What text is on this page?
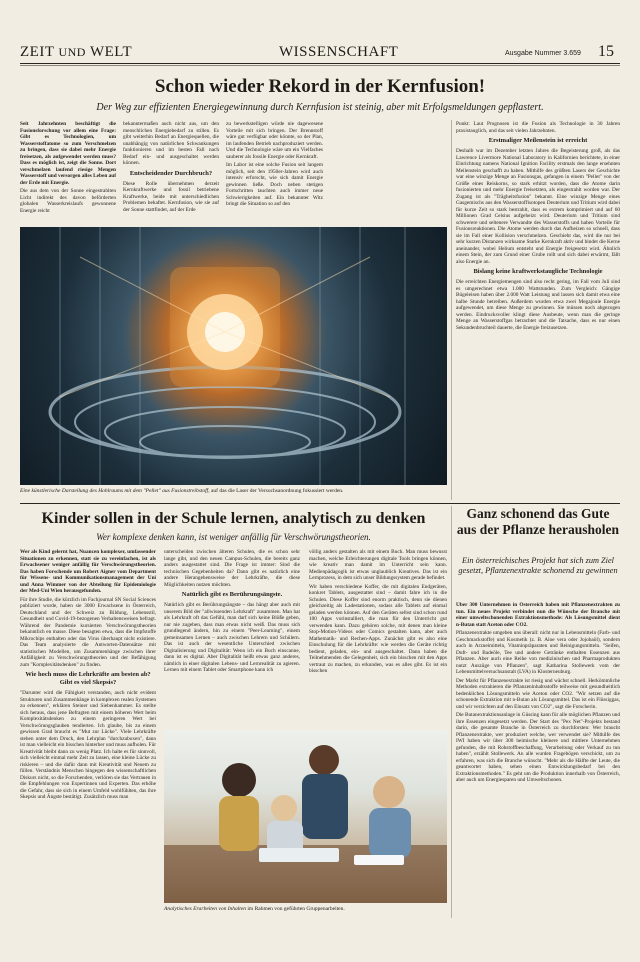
ZEIT UND WELT	WISSENSCHAFT	Ausgabe Nummer 3.659 15
Schon wieder Rekord in der Kernfusion!
Der Weg zur effizienten Energiegewinnung durch Kernfusion ist steinig, aber mit Erfolgsmeldungen gepflastert.

Seit Jahrzehnten beschäftigt die Fusionsforschung vor allem eine Frage: Gibt es Technologien, um Wasserstoffatome so zum Verschmelzen zu bringen, dass sie dabei mehr Energie freisetzen, als aufgewendet werden muss? Dass es möglich ist, zeigt die Sonne. Dort verschmelzen laufend riesige Mengen Wasserstoff und versorgen alles Leben auf der Erde mit Energie.

Die aus dem von der Sonne eingestrahlten Licht indirekt des davon beförderten globalen Wasserkreislaufs gewonnene Energie reicht

bekanntermaßen auch nicht aus, um den menschlichen Energiebedarf zu stillen. Es gibt weiterhin Bedarf an Energiequellen, die unabhängig von natürlichen Schwankungen funktionieren und im besten Fall nach Bedarf ein- und ausgeschaltet werden können.

Entscheidender Durchbruch?

Diese Rolle übernehmen derzeit Kernkraftwerke und fossil betriebene Kraftwerke, beide mit unterschiedlichen Problemen behaftet. Kernfusion, wie sie auf der Sonne stattfindet, auf der Erde

zu bewerkstelligen würde nie dagewesene Vorteile mit sich bringen. Der Brennstoff wäre gut verfügbar oder könnte, so der Plan, im laufenden Betrieb nachproduziert werden. Und die Technologie wäre um ein Vielfaches sauberer als fossile Energie oder Kernkraft.

Im Labor ist eine solche Fusion seit langem möglich, seit den 1950er-Jahren wird auch intensiv erforscht, wie sich damit Energie gewinnen ließe. Doch neben stetigen Fortschritten tauchten auch immer neue Schwierigkeiten auf. Ein bekannter Witz bringt die Situation so auf den

Punkt: Laut Prognosen ist die Fusion als Technologie in 30 Jahren praxistauglich, und das seit vielen Jahrzehnten.

Erstmaliger Meilenstein ist erreicht

Deshalb war im Dezember letzten Jahres die Begeisterung groß, als das Lawrence Livermore National Laboratory in Kalifornien berichtete, in einer Einrichtung namens National Ignition Facility erstmals den lange ersehnten Meilenstein geschafft zu haben. Mithilfe des größten Lasers der Geschichte war eine winzige Menge an Fusionsgas, gefangen in einem "Pellet" von der Größe eines Reiskorns, so stark erhitzt worden, dass die Atome darin fusionierten und mehr Energie freisetzten, als eingestrahlt worden war. Der Zugang ist als "Trägheitsfusion" bekannt. Eine winzige Menge eines Gasgemischs aus den Wasserstoffisotopen Deuterium und Tritium wird dabei für kurze Zeit so stark bestrahlt, dass es extrem komprimiert und auf 60 Millionen Grad Celsius aufgeheizt wird. Deuterium und Tritium sind schwerere und seltenere Verwandte des Wasserstoffs und haben Vorteile für Fusionsreaktionen. Die Atome werden durch das Aufheizen so schnell, dass sie im Fall einer Kollision verschmelzen. Geschieht das, wird die nur bei sehr kurzen Distanzen wirksame Starke Kernkraft aktiv und bindet die Kerne aneinander, wobei Helium entsteht und Energie freigesetzt wird. Ähnlich einem Stein, der zum Grund einer Grube rollt und sich dabei erwärmt, fällt also Energie an.

Bislang keine kraftwerkstaugliche Technologie

Die erreichten Energiemengen sind also recht gering, im Fall vom Juli sind es umgerechnet etwa 1.000 Wattstunden. Zum Vergleich: Gängige Bügeleisen haben über 2.000 Watt Leistung und lassen sich damit etwa eine halbe Stunde betreiben. Außerdem wurden etwa zwei Megajoule Energie aufgewendet, um diese Menge zu gewinnen. Sie müssen noch abgezogen werden. Eindrucksvoller klingt diese Ausbeute, wenn man die geringe Menge an Wasserstoffgas betrachtet und die Tatsache, dass es nur einen Sekundenbruchteil dauerte, die Energie freizusetzen.

Eine künstlerische Darstellung des Hohlraums mit dem "Pellet" aus Fusionstreibstoff, auf das die Laser der Versuchsanordnung fokussiert werden.
Kinder sollen in der Schule lernen, analytisch zu denken
Wer komplexe denken kann, ist weniger anfällig für Verschwörungstheorien.

Wer als Kind gelernt hat, Nuancen komplexer, umfassender Situationen zu erkennen, statt sie zu vereinfachen, ist als Erwachsener weniger anfällig für Verschwörungstheorien. Das haben Forschende um Robert Aigner vom Department für Wissens- und Kommunikationsmanagement der Uni und Anna Wimmer von der Abteilung für Epidemiologie der Med-Uni Wien herausgefunden.

Für ihre Studie, die kürzlich im Fachjournal SN Social Sciences publiziert wurde, haben sie 3000 Erwachsene in Österreich, Deutschland und der Schweiz zu Bildung, Lebensstil, Gesundheit und Covid-19-bezogenen Verhaltensweisen befragt. Während der Pandemie kursierten Verschwörungstheorien bekanntlich en masse. Diese besagten etwa, dass die Impfstoffe Mikrochips enthalten oder das Virus überhaupt nicht existiere. Das Team analysierte die Antworten-Datensätze mit statistischen Modellen, um Zusammenhänge zwischen ihrer Anfälligkeit zu Verschwörungstheorien und der Befähigung zum "Komplexitätsdenken" zu finden.

Wie hoch muss die Lehrkräfte am besten ab? Gibt es viel Skepsis?

"Darunter wird die Fähigkeit verstanden, auch nicht evident Strukturen und Zusammenhänge in komplexen realen Systemen zu erkennen", erklären Steiner und Siebenhammer. Es stellte sich heraus, dass jene Befragten mit einem höheren Wert beim Komplexitätsdenken zu einem geringeren Wert bei Verschwörungsglauben tendierten. Ich glaube, bis zu einem gewissen Grad braucht es "Mut zur Lücke". Viele Lehrkräfte stehen unter dem Druck, den Lehrplan "durchzuboxen", dann ist man vielleicht ein bisschen hinterher und muss aufholen. Für Kreativität bleibt dann zu wenig Platz. Ich halte es für sinnvoll, sich vielleicht einmal mehr Zeit zu lassen, eine kleine Lücke zu riskieren – und die dafür dann mit Kreativität und Neuem zu füllen. Verständnis Menschen hingegen den wissenschaftlichen Diskurs nicht, so die Forschenden, verlören sie das Vertrauen in die Empfehlungen von Expertinnen und Experten. Das erhöhe die Gefahr, dass sie sich in einem Umfeld wohlfühlten, das ihre Skepsis und Ängste bestätigt. Zusätzlich muss man

unterscheiden zwischen älteren Schulen, die es schon sehr lange gibt, und den neuen Campus-Schulen, die bereits ganz anders ausgestattet sind. Die Frage ist immer: Sind die technischen Gegebenheiten da? Dann gibt es natürlich eine andere Herangehensweise der Lehrkräfte, die diese Möglichkeiten nutzen möchten.

Natürlich gibt es Berührungsängste.

Natürlich gibt es Berührungsängste – das hängt aber auch mit unserem Bild der "allwissenden Lehrkraft" zusammen. Man hat als Lehrkraft oft das Gefühl, man darf sich keine Blöße geben, nur nie zugeben, dass man etwas nicht weiß. Das muss sich grundlegend ändern, hin zu einem "Peer-Learning", einem gemeinsamen Lernen – auch zwischen Lehrern und Schülern. Das ist auch der wesentliche Unterschied zwischen Digitalisierung und Digitalität: Wenn ich ein Buch einscanne, dann ist es digital. Aber Digitalität heißt etwas ganz anderes, nämlich in einer digitalen Lebens- und Lernrealität zu agieren. Lernen mit einem Tablet oder Smartphone kann ich

völlig anders gestalten als mit einem Buch. Man muss bewusst machen, welche Erleichterungen digitale Tools bringen können, wie kreativ man damit im Unterricht sein kann. Medienpädagogik ist etwas unglaublich Kreatives. Das ist ein Lernprozess, in dem sich unser Bildungssystem gerade befindet.

Wir haben verschiedene Koffer, die mit digitalen Endgeräten, konkret Tablets, ausgestattet sind – damit fahre ich in die Schulen. Diese Koffer sind enorm praktisch, denn sie dienen gleichzeitig als Ladestationen, sodass alle Tablets auf einmal geladen werden können. Auf den Geräten selbst sind schon rund 100 Apps vorinstalliert, die man für den Unterricht gut verwenden kann. Dazu gehören solche, mit denen man kleine Stop-Motion-Videos oder Comics gestalten kann, aber auch Mathematik- und Rechen-Apps. Zunächst gibt es also eine Einschulung für die Lehrkräfte: wie werden die Geräte richtig bedient, geladen, ein- und ausgeschaltet. Dann haben die Teilnehmenden die Gelegenheit, sich ein bisschen mit den Apps vertraut zu machen, zu erkunden, was es alles gibt. Es ist ein bisschen

Analytisches Erarbeiten von Inhalten im Rahmen von geführten Gruppenarbeiten.
Ganz schonend das Gute aus der Pflanze herausholen
Ein österreichisches Projekt hat sich zum Ziel gesetzt, Pflanzenextrakte schonend zu gewinnen

Über 300 Unternehmen in Österreich haben mit Pflanzenextrakten zu tun. Ein neues Projekt verbindet nun die Wünsche der Branche mit einer umweltschonenden Extraktionsmethode: Als Lösungsmittel dient n-Butan statt Aceton oder CO2.

Pflanzenextrakte umgeben uns überall: nicht nur in Lebensmitteln (Farb- und Geschmackstoffe) und Kosmetik (z. B. Aloe vera oder Jojobaöl), sondern auch in Arzneimitteln, Vitaminpräparaten und Reinigungsmitteln. "Seifen, Duft- und Badeöle, Tee und andere Getränke enthalten Essenzen aus Pflanzen. Aber auch eine Reihe von medizinischen und Pharmaprodukten nutzt Auszüge von Pflanzen", sagt Katharina Stollewerk vom der Lebensmittelversuchsanstalt (LVA) in Klosterneuburg.

Der Markt für Pflanzenextrakte ist riesig und wächst schnell. Herkömmliche Methoden extrahieren die Pflanzeninhaltsstoffe teilweise mit gesundheitlich bedenklichen Lösungsmitteln wie Aceton oder CO2. "Wir setzen auf die schonende Extraktion mit n-Butan als Lösungsmittel. Das ist ein Flüssiggas, und wir verzichten auf den Einsatz von CO2", sagt die Forscherin.

Die Butanextraktionsanlage in Güssing kann für alle möglichen Pflanzen und ihre Essenzen eingesetzt werden. Der Start des "Pex Net"-Projekts bestand darin, die gesamte Branche in Österreich zu durchforsten: Wer braucht Pflanzenextrakte, wer produziert welche, wer verwendet sie? Mithilfe des IWI haben wir über 300 heimische kleinere und mittlere Unternehmen gefunden, die mit Rohstoffbeschaffung, Verarbeitung oder Verkauf zu tun haben", erzählt Stollewerk. An alle wurden Fragebögen verschickt, um zu erfahren, was sich die Branche wünscht. "Mehr als die Hälfte der Leute, die geantwortet haben, sehen einen Entwicklungsbedarf bei den Extraktionsmethoden." Es geht um die Produktion innerhalb von Österreich, aber auch um Energiesparen und Umweltschonen.
